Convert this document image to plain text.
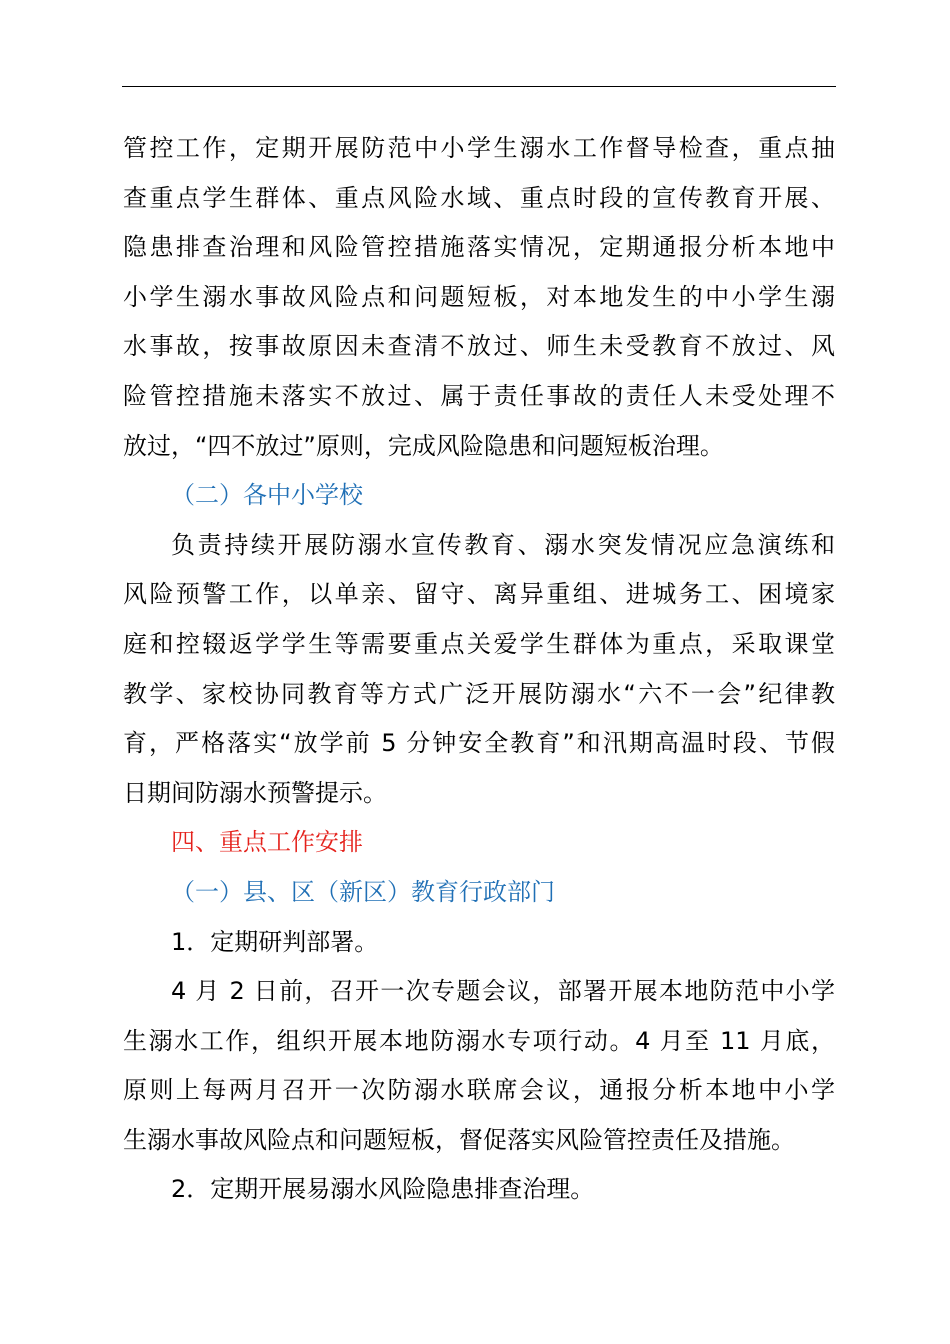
管控工作，定期开展防范中小学生溺水工作督导检查，重点抽
查重点学生群体、重点风险水域、重点时段的宣传教育开展、
隐患排查治理和风险管控措施落实情况，定期通报分析本地中
小学生溺水事故风险点和问题短板，对本地发生的中小学生溺
水事故，按事故原因未查清不放过、师生未受教育不放过、风
险管控措施未落实不放过、属于责任事故的责任人未受处理不
放过，“四不放过”原则，完成风险隐患和问题短板治理。
（二）各中小学校
负责持续开展防溺水宣传教育、溺水突发情况应急演练和
风险预警工作，以单亲、留守、离异重组、进城务工、困境家
庭和控辍返学学生等需要重点关爱学生群体为重点，采取课堂
教学、家校协同教育等方式广泛开展防溺水“六不一会”纪律教
育，严格落实“放学前 5 分钟安全教育”和汛期高温时段、节假
日期间防溺水预警提示。
四、重点工作安排
（一）县、区（新区）教育行政部门
1．定期研判部署。
4 月 2 日前，召开一次专题会议，部署开展本地防范中小学
生溺水工作，组织开展本地防溺水专项行动。4 月至 11 月底，
原则上每两月召开一次防溺水联席会议，通报分析本地中小学
生溺水事故风险点和问题短板，督促落实风险管控责任及措施。
2．定期开展易溺水风险隐患排查治理。
